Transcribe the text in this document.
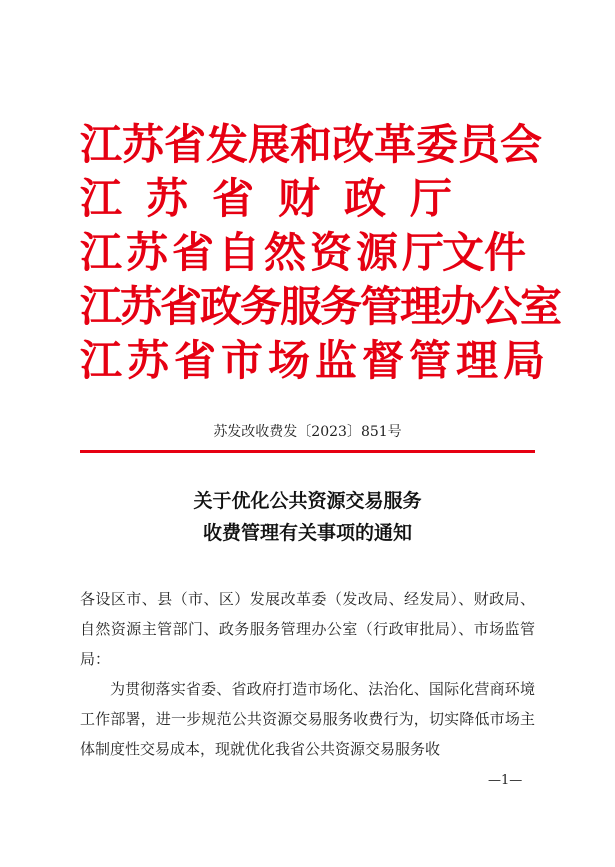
江苏省发展和改革委员会
江苏省财政厅
江苏省自然资源厅
文件
江苏省政务服务管理办公室
江苏省市场监督管理局
苏发改收费发〔2023〕851号
关于优化公共资源交易服务
收费管理有关事项的通知

各设区市、县（市、区）发展改革委（发改局、经发局）、财政局、自然资源主管部门、政务服务管理办公室（行政审批局）、市场监管局：

为贯彻落实省委、省政府打造市场化、法治化、国际化营商环境工作部署，进一步规范公共资源交易服务收费行为，切实降低市场主体制度性交易成本，现就优化我省公共资源交易服务收

—1—
